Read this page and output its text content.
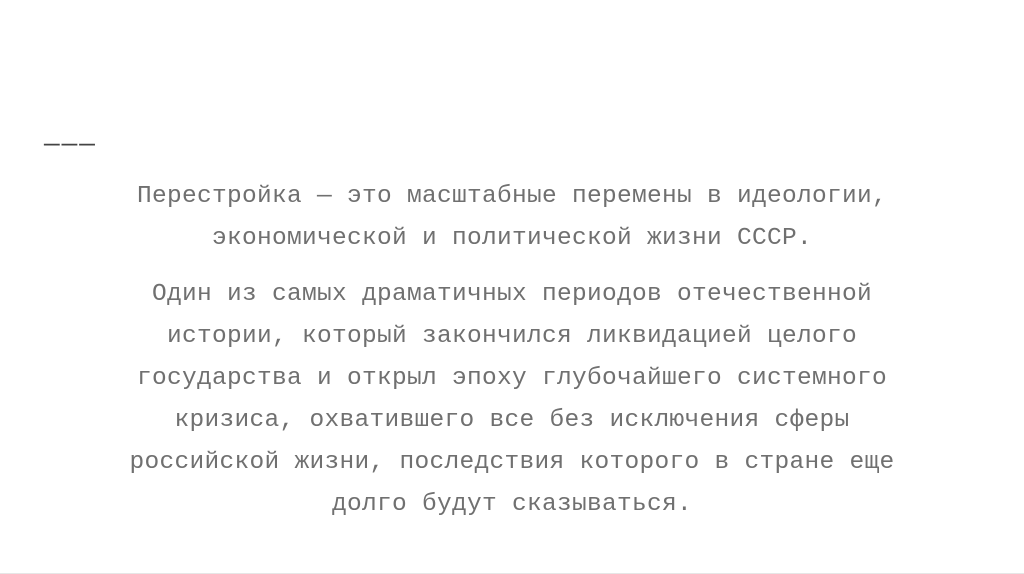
———

Перестройка — это масштабные перемены в идеологии,
экономической и политической жизни СССР.

Один из самых драматичных периодов отечественной
истории, который закончился ликвидацией целого
государства и открыл эпоху глубочайшего системного
кризиса, охватившего все без исключения сферы
российской жизни, последствия которого в стране еще
долго будут сказываться.
